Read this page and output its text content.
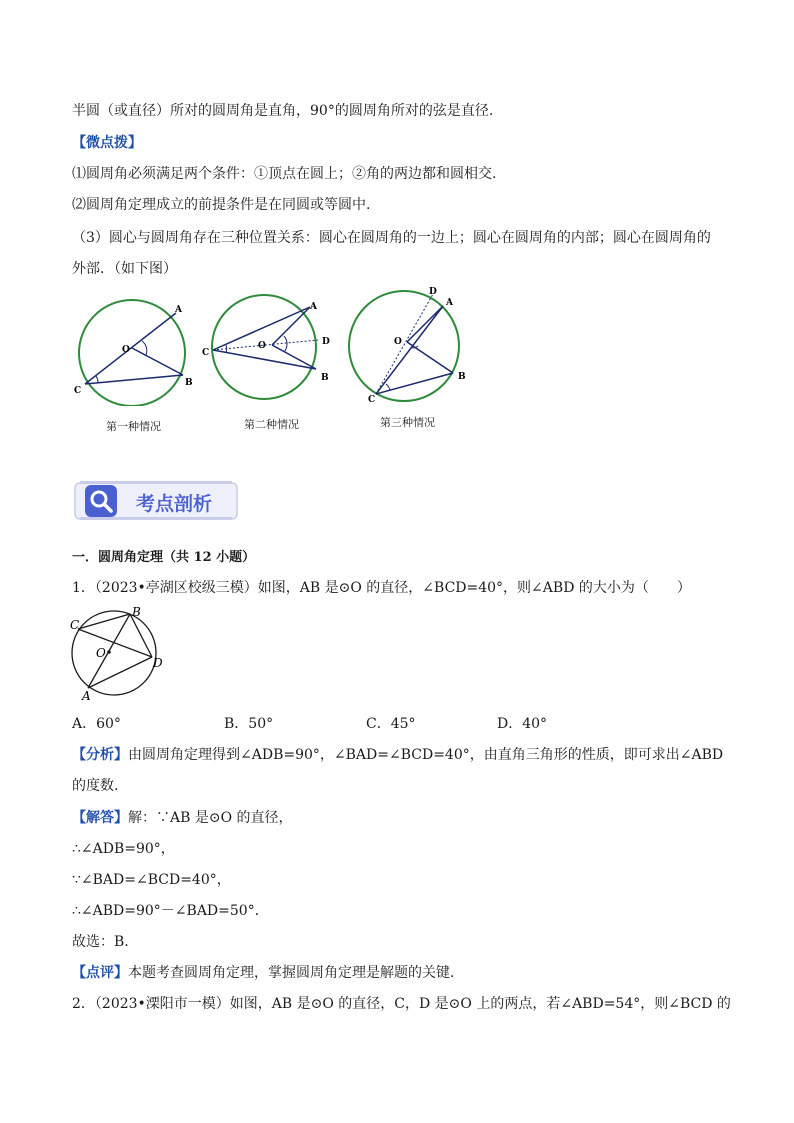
半圆（或直径）所对的圆周角是直角，90°的圆周角所对的弦是直径.
【微点拨】
⑴圆周角必须满足两个条件：①顶点在圆上；②角的两边都和圆相交.
⑵圆周角定理成立的前提条件是在同圆或等圆中.
（3）圆心与圆周角存在三种位置关系：圆心在圆周角的一边上；圆心在圆周角的内部；圆心在圆周角的
外部．（如下图）
A
B
C
O
第一种情况
A
B
C
D
O
第二种情况
D
A
B
C
O
第三种情况
考点剖析
一．圆周角定理（共 12 小题）
1．（2023•亭湖区校级三模）如图，AB 是⊙O 的直径，∠BCD=40°，则∠ABD 的大小为（　　）
B
C
D
A
O
A．60°	B．50°	C．45°	D．40°
【分析】由圆周角定理得到∠ADB=90°，∠BAD=∠BCD=40°，由直角三角形的性质，即可求出∠ABD
的度数.
【解答】解：∵AB 是⊙O 的直径，
∴∠ADB=90°，
∵∠BAD=∠BCD=40°，
∴∠ABD=90°－∠BAD=50°．
故选：B.
【点评】本题考查圆周角定理，掌握圆周角定理是解题的关键．
2．（2023•溧阳市一模）如图，AB 是⊙O 的直径，C，D 是⊙O 上的两点，若∠ABD=54°，则∠BCD 的
